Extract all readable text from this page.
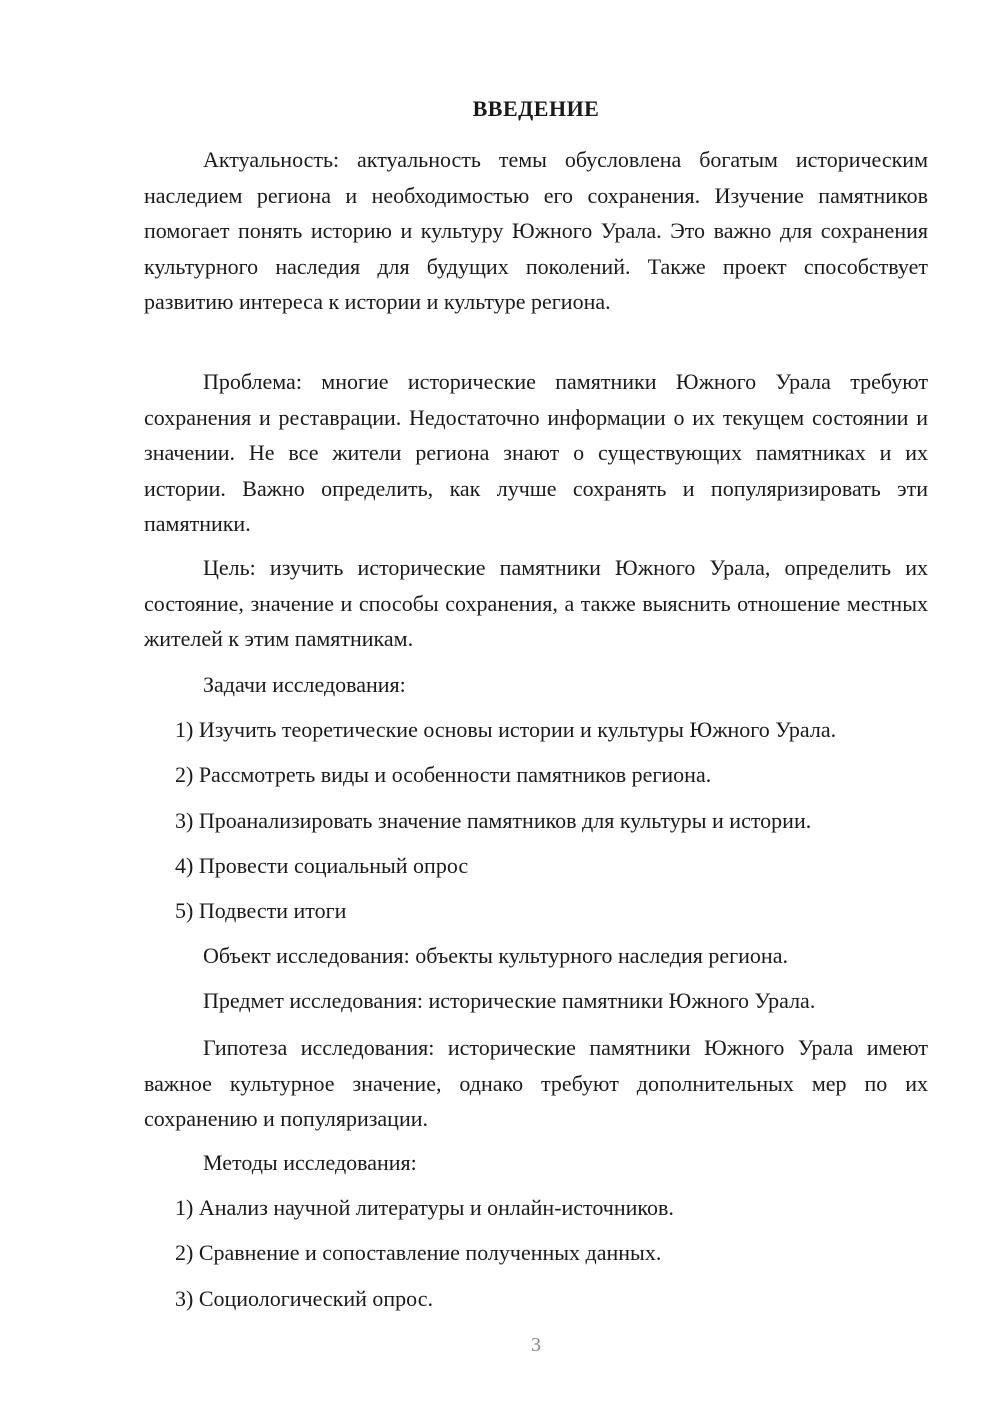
ВВЕДЕНИЕ

Актуальность: актуальность темы обусловлена богатым историческим наследием региона и необходимостью его сохранения. Изучение памятников помогает понять историю и культуру Южного Урала. Это важно для сохранения культурного наследия для будущих поколений. Также проект способствует развитию интереса к истории и культуре региона.

Проблема: многие исторические памятники Южного Урала требуют сохранения и реставрации. Недостаточно информации о их текущем состоянии и значении. Не все жители региона знают о существующих памятниках и их истории. Важно определить, как лучше сохранять и популяризировать эти памятники.

Цель: изучить исторические памятники Южного Урала, определить их состояние, значение и способы сохранения, а также выяснить отношение местных жителей к этим памятникам.

Задачи исследования:
1) Изучить теоретические основы истории и культуры Южного Урала.
2) Рассмотреть виды и особенности памятников региона.
3) Проанализировать значение памятников для культуры и истории.
4) Провести социальный опрос
5) Подвести итоги
Объект исследования: объекты культурного наследия региона.
Предмет исследования: исторические памятники Южного Урала.

Гипотеза исследования: исторические памятники Южного Урала имеют важное культурное значение, однако требуют дополнительных мер по их сохранению и популяризации.

Методы исследования:
1) Анализ научной литературы и онлайн-источников.
2) Сравнение и сопоставление полученных данных.
3) Социологический опрос.
3
